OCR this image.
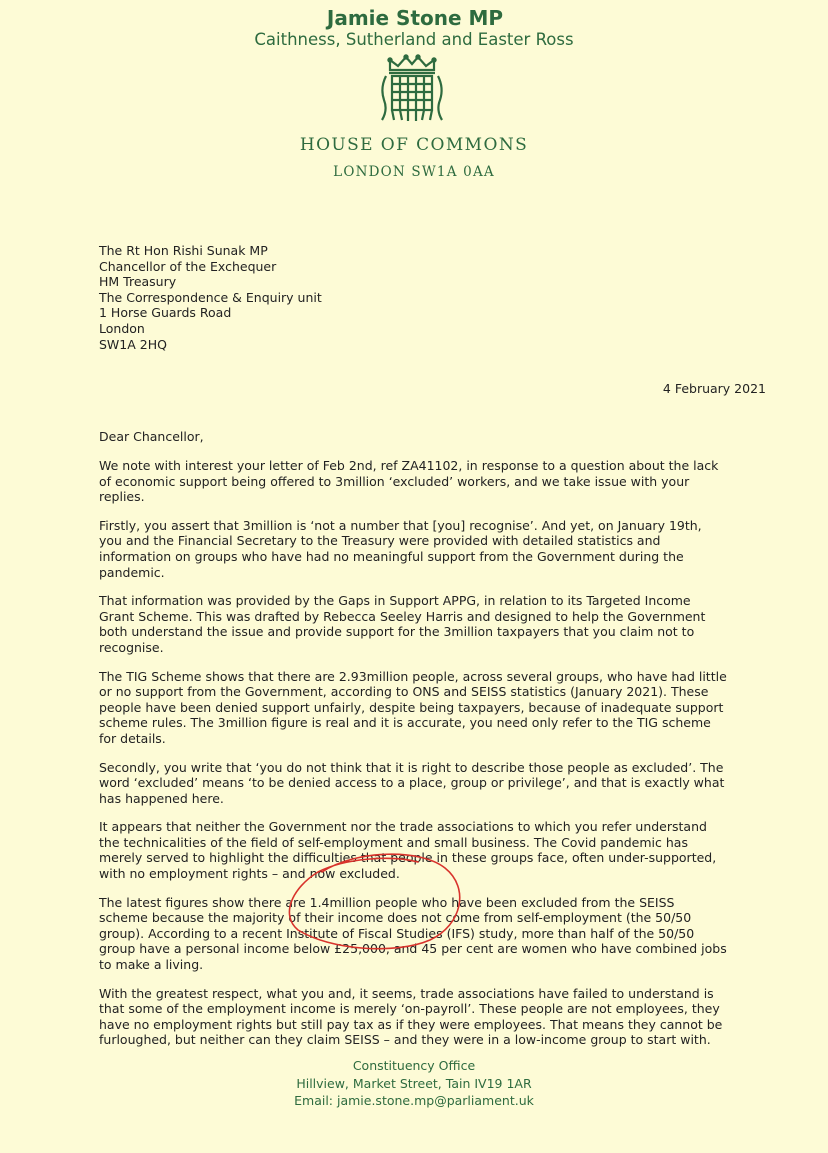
Jamie Stone MP
Caithness, Sutherland and Easter Ross
HOUSE OF COMMONS
LONDON SW1A 0AA
The Rt Hon Rishi Sunak MP
Chancellor of the Exchequer
HM Treasury
The Correspondence & Enquiry unit
1 Horse Guards Road
London
SW1A 2HQ
4 February 2021
Dear Chancellor,

We note with interest your letter of Feb 2nd, ref ZA41102, in response to a question about the lack of economic support being offered to 3million ‘excluded’ workers, and we take issue with your replies.

Firstly, you assert that 3million is ‘not a number that [you] recognise’. And yet, on January 19th, you and the Financial Secretary to the Treasury were provided with detailed statistics and information on groups who have had no meaningful support from the Government during the pandemic.

That information was provided by the Gaps in Support APPG, in relation to its Targeted Income Grant Scheme. This was drafted by Rebecca Seeley Harris and designed to help the Government both understand the issue and provide support for the 3million taxpayers that you claim not to recognise.

The TIG Scheme shows that there are 2.93million people, across several groups, who have had little or no support from the Government, according to ONS and SEISS statistics (January 2021). These people have been denied support unfairly, despite being taxpayers, because of inadequate support scheme rules. The 3million figure is real and it is accurate, you need only refer to the TIG scheme for details.

Secondly, you write that ‘you do not think that it is right to describe those people as excluded’. The word ‘excluded’ means ‘to be denied access to a place, group or privilege’, and that is exactly what has happened here.

It appears that neither the Government nor the trade associations to which you refer understand the technicalities of the field of self-employment and small business. The Covid pandemic has merely served to highlight the difficulties that people in these groups face, often under-supported, with no employment rights – and now excluded.

The latest figures show there are 1.4million people who have been excluded from the SEISS scheme because the majority of their income does not come from self-employment (the 50/50 group). According to a recent Institute of Fiscal Studies (IFS) study, more than half of the 50/50 group have a personal income below £25,000, and 45 per cent are women who have combined jobs to make a living.

With the greatest respect, what you and, it seems, trade associations have failed to understand is that some of the employment income is merely ‘on-payroll’. These people are not employees, they have no employment rights but still pay tax as if they were employees. That means they cannot be furloughed, but neither can they claim SEISS – and they were in a low-income group to start with.

Constituency Office
Hillview, Market Street, Tain IV19 1AR
Email: jamie.stone.mp@parliament.uk
